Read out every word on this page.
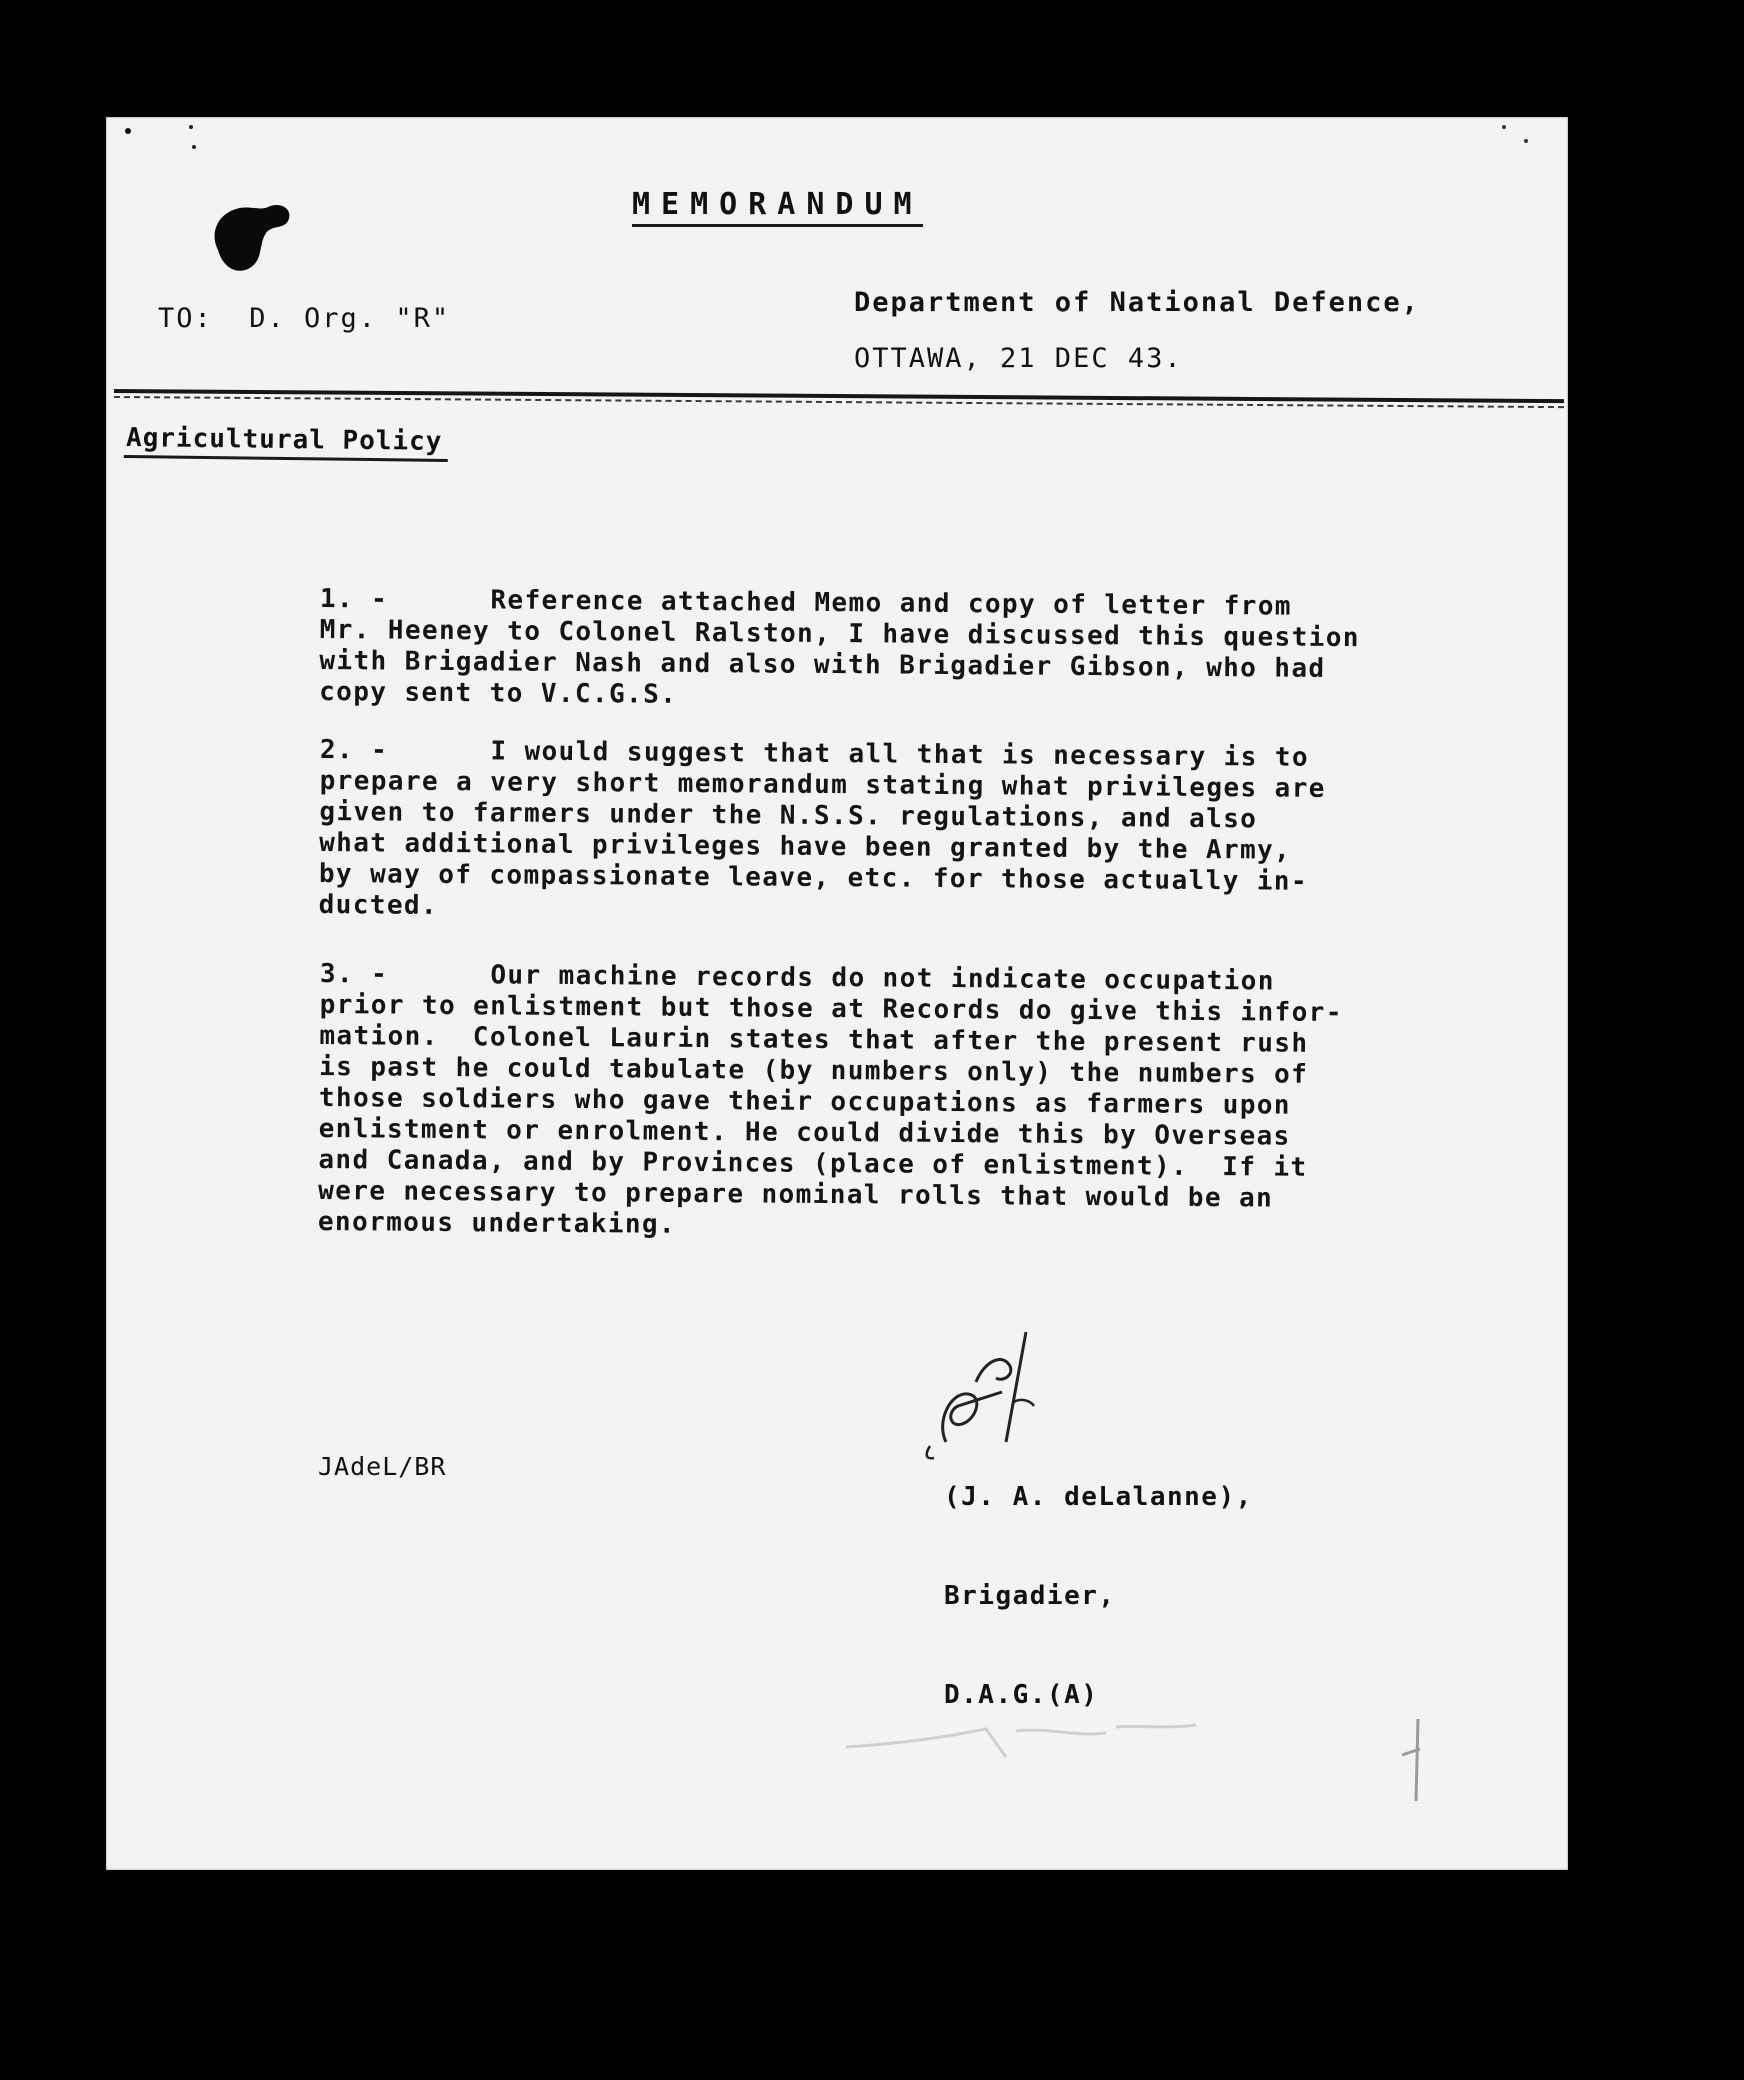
MEMORANDUM
TO:  D. Org. "R"
Department of National Defence,
OTTAWA, 21 DEC 43.
Agricultural Policy
1. -      Reference attached Memo and copy of letter from
Mr. Heeney to Colonel Ralston, I have discussed this question
with Brigadier Nash and also with Brigadier Gibson, who had
copy sent to V.C.G.S.
2. -      I would suggest that all that is necessary is to
prepare a very short memorandum stating what privileges are
given to farmers under the N.S.S. regulations, and also
what additional privileges have been granted by the Army,
by way of compassionate leave, etc. for those actually in-
ducted.
3. -      Our machine records do not indicate occupation
prior to enlistment but those at Records do give this infor-
mation.  Colonel Laurin states that after the present rush
is past he could tabulate (by numbers only) the numbers of
those soldiers who gave their occupations as farmers upon
enlistment or enrolment. He could divide this by Overseas
and Canada, and by Provinces (place of enlistment).  If it
were necessary to prepare nominal rolls that would be an
enormous undertaking.
JAdeL/BR

(J. A. deLalanne),

Brigadier,

D.A.G.(A)
